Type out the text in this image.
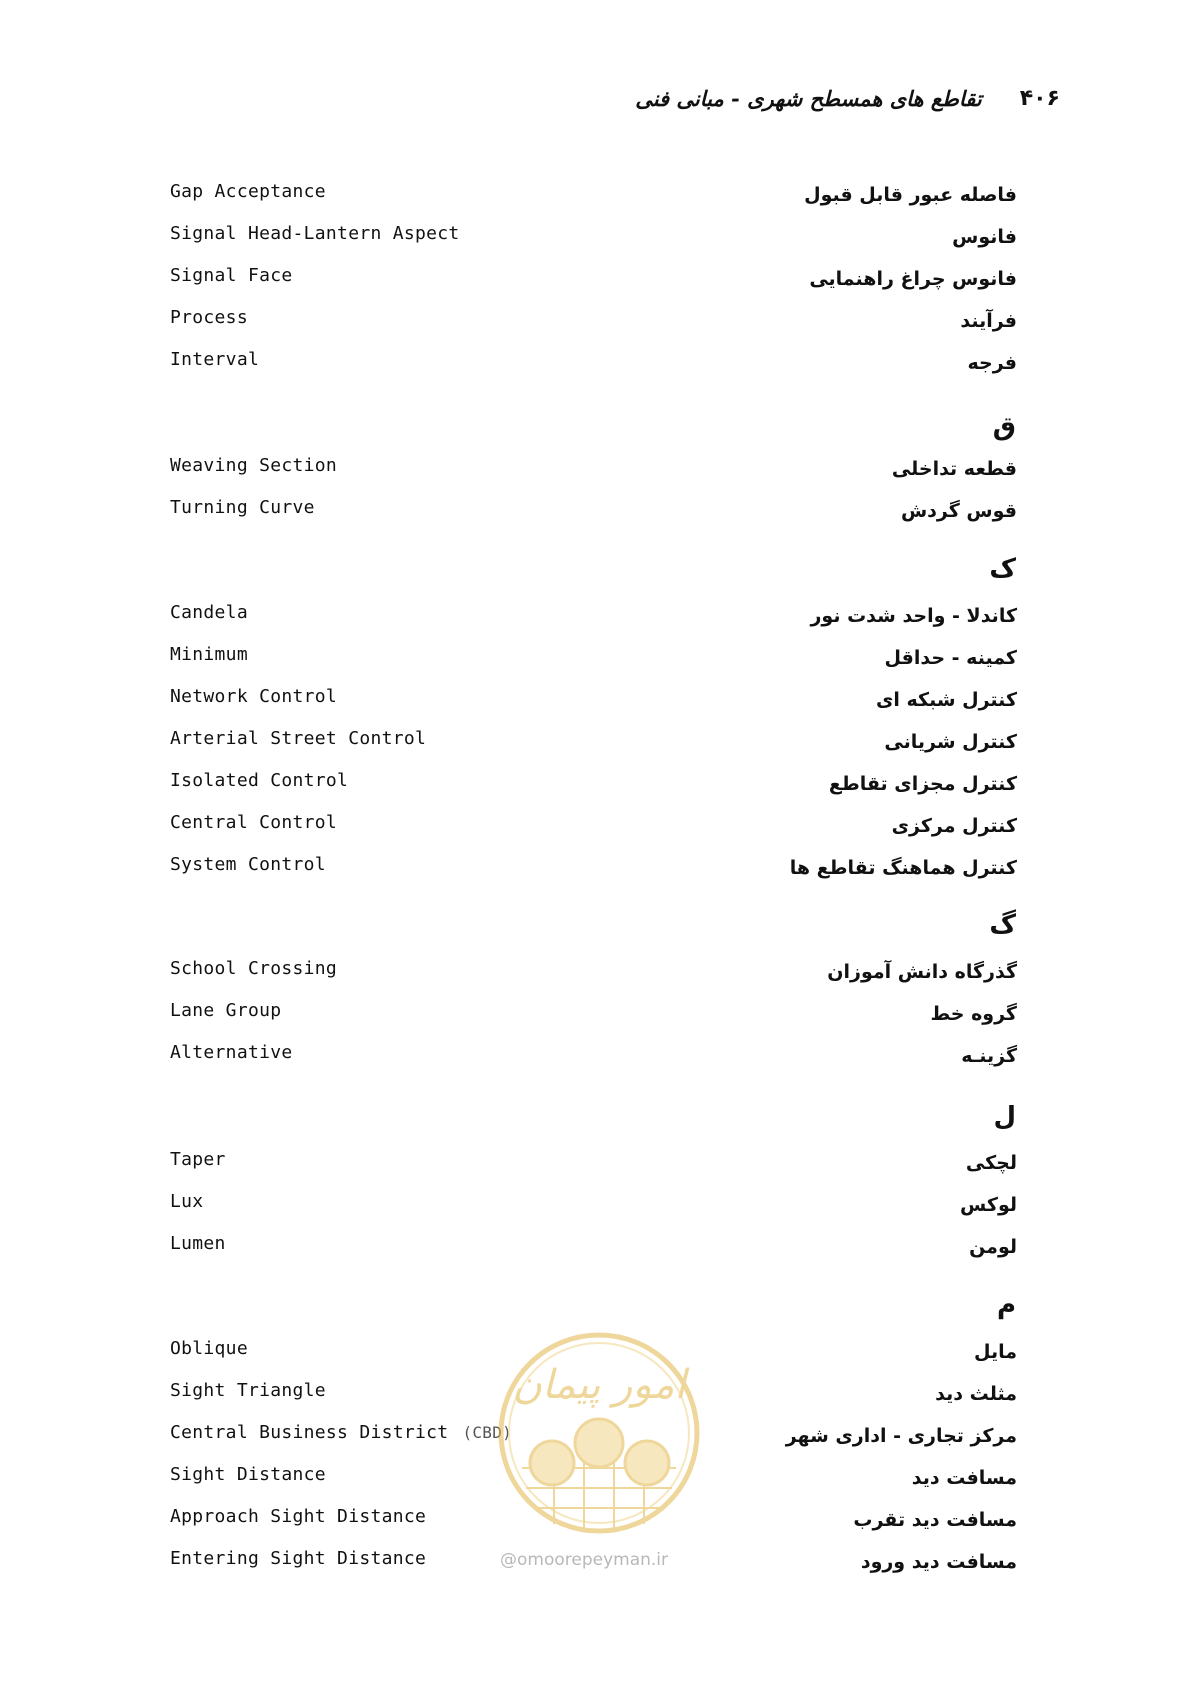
۴۰۶
تقاطع های همسطح شهری - مبانی فنی
Gap Acceptance	فاصله عبور قابل قبول
Signal Head-Lantern Aspect	فانوس
Signal Face	فانوس چراغ راهنمایی
Process	فرآیند
Interval	فرجه
ق
Weaving Section	قطعه تداخلی
Turning Curve	قوس گردش
ک
Candela	کاندلا - واحد شدت نور
Minimum	کمینه - حداقل
Network Control	کنترل شبکه ای
Arterial Street Control	کنترل شریانی
Isolated Control	کنترل مجزای تقاطع
Central Control	کنترل مرکزی
System Control	کنترل هماهنگ تقاطع ها
گ
School Crossing	گذرگاه دانش آموزان
Lane Group	گروه خط
Alternative	گزینـه
ل
Taper	لچکی
Lux	لوکس
Lumen	لومن
م
Oblique	مایل
Sight Triangle	مثلث دید
Central Business District (CBD)	مرکز تجاری - اداری شهر
Sight Distance	مسافت دید
Approach Sight Distance	مسافت دید تقرب
Entering Sight Distance	مسافت دید ورود
امور پیمان
@omoorepeyman.ir
